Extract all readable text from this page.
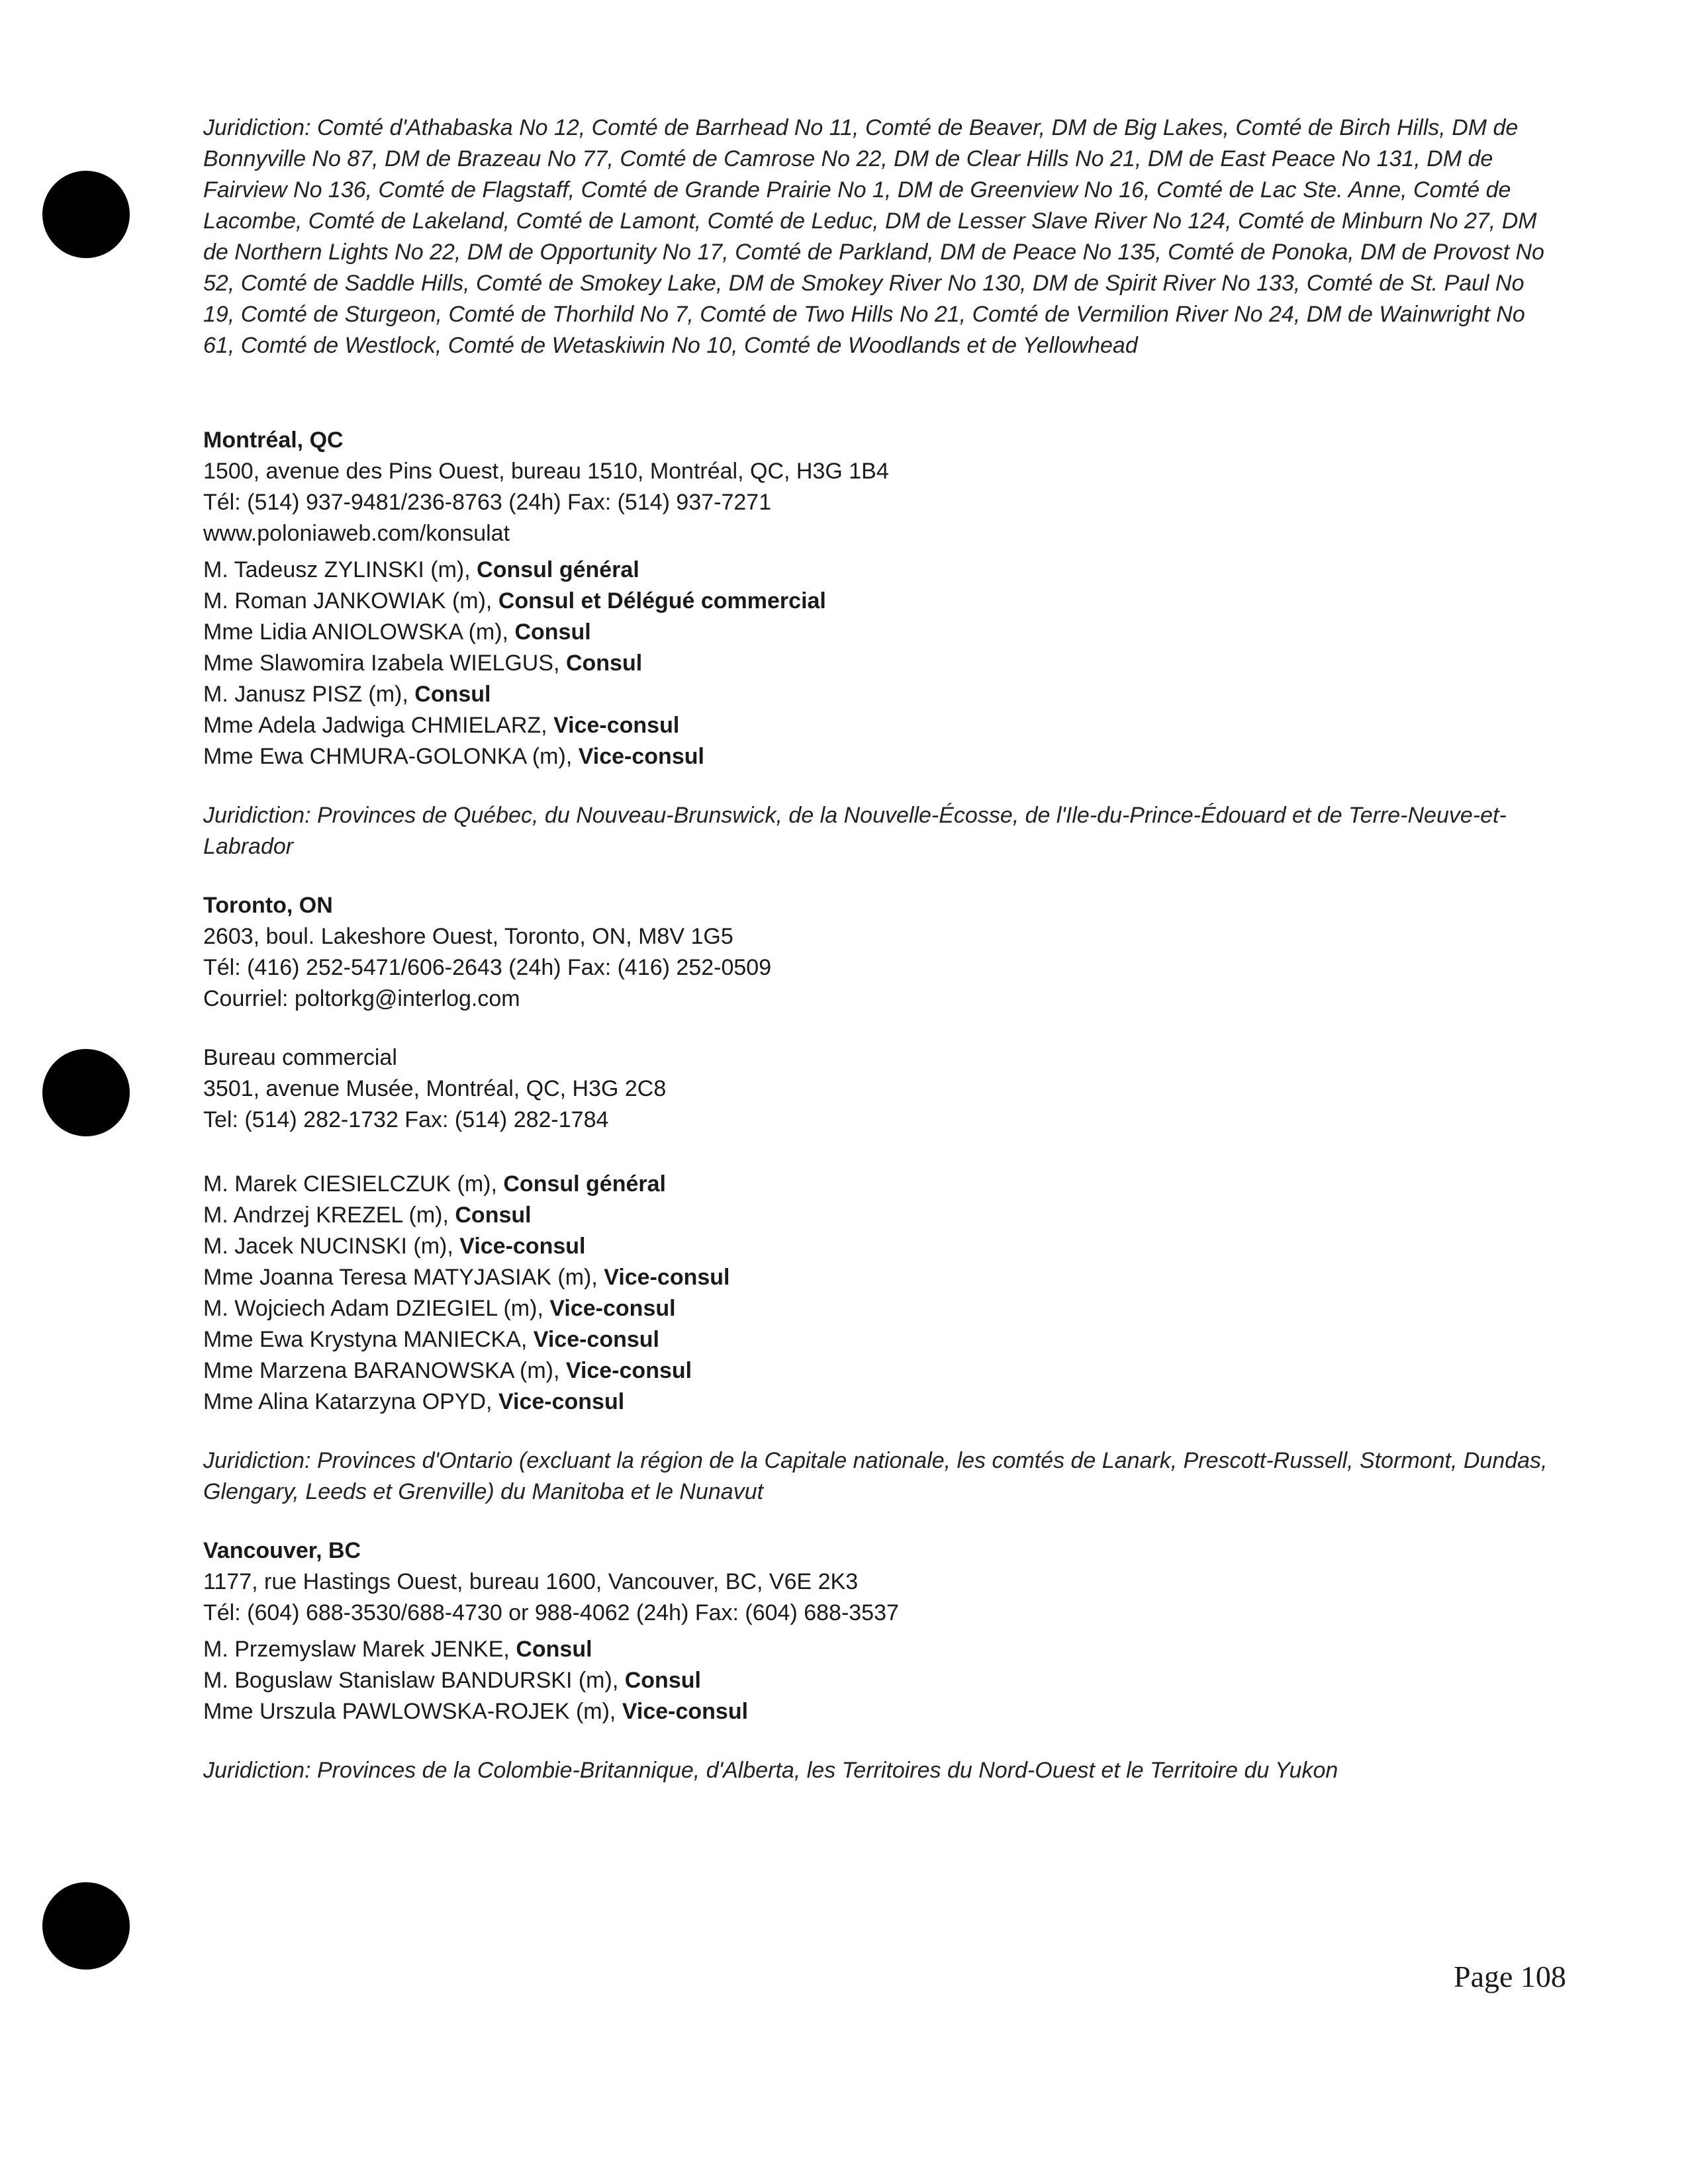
Juridiction: Comté d'Athabaska No 12, Comté de Barrhead No 11, Comté de Beaver, DM de Big Lakes, Comté de Birch Hills, DM de Bonnyville No 87, DM de Brazeau No 77, Comté de Camrose No 22, DM de Clear Hills No 21, DM de East Peace No 131, DM de Fairview No 136, Comté de Flagstaff, Comté de Grande Prairie No 1, DM de Greenview No 16, Comté de Lac Ste. Anne, Comté de Lacombe, Comté de Lakeland, Comté de Lamont, Comté de Leduc, DM de Lesser Slave River No 124, Comté de Minburn No 27, DM de Northern Lights No 22, DM de Opportunity No 17, Comté de Parkland, DM de Peace No 135, Comté de Ponoka, DM de Provost No 52, Comté de Saddle Hills, Comté de Smokey Lake, DM de Smokey River No 130, DM de Spirit River No 133, Comté de St. Paul No 19, Comté de Sturgeon, Comté de Thorhild No 7, Comté de Two Hills No 21, Comté de Vermilion River No 24, DM de Wainwright No 61, Comté de Westlock, Comté de Wetaskiwin No 10, Comté de Woodlands et de Yellowhead

Montréal, QC

1500, avenue des Pins Ouest, bureau 1510, Montréal, QC, H3G 1B4

Tél: (514) 937-9481/236-8763 (24h) Fax: (514) 937-7271

www.poloniaweb.com/konsulat

M. Tadeusz ZYLINSKI (m), Consul général

M. Roman JANKOWIAK (m), Consul et Délégué commercial

Mme Lidia ANIOLOWSKA (m), Consul

Mme Slawomira Izabela WIELGUS, Consul

M. Janusz PISZ (m), Consul

Mme Adela Jadwiga CHMIELARZ, Vice-consul

Mme Ewa CHMURA-GOLONKA (m), Vice-consul

Juridiction: Provinces de Québec, du Nouveau-Brunswick, de la Nouvelle-Écosse, de l'Ile-du-Prince-Édouard et de Terre-Neuve-et-Labrador

Toronto, ON

2603, boul. Lakeshore Ouest, Toronto, ON, M8V 1G5

Tél: (416) 252-5471/606-2643 (24h) Fax: (416) 252-0509

Courriel: poltorkg@interlog.com

Bureau commercial

3501, avenue Musée, Montréal, QC, H3G 2C8

Tel: (514) 282-1732 Fax: (514) 282-1784

M. Marek CIESIELCZUK (m), Consul général

M. Andrzej KREZEL (m), Consul

M. Jacek NUCINSKI (m), Vice-consul

Mme Joanna Teresa MATYJASIAK (m), Vice-consul

M. Wojciech Adam DZIEGIEL (m), Vice-consul

Mme Ewa Krystyna MANIECKA, Vice-consul

Mme Marzena BARANOWSKA (m), Vice-consul

Mme Alina Katarzyna OPYD, Vice-consul

Juridiction: Provinces d'Ontario (excluant la région de la Capitale nationale, les comtés de Lanark, Prescott-Russell, Stormont, Dundas, Glengary, Leeds et Grenville) du Manitoba et le Nunavut

Vancouver, BC

1177, rue Hastings Ouest, bureau 1600, Vancouver, BC, V6E 2K3

Tél: (604) 688-3530/688-4730 or 988-4062 (24h) Fax: (604) 688-3537

M. Przemyslaw Marek JENKE, Consul

M. Boguslaw Stanislaw BANDURSKI (m), Consul

Mme Urszula PAWLOWSKA-ROJEK (m), Vice-consul

Juridiction: Provinces de la Colombie-Britannique, d'Alberta, les Territoires du Nord-Ouest et le Territoire du Yukon

Page 108
